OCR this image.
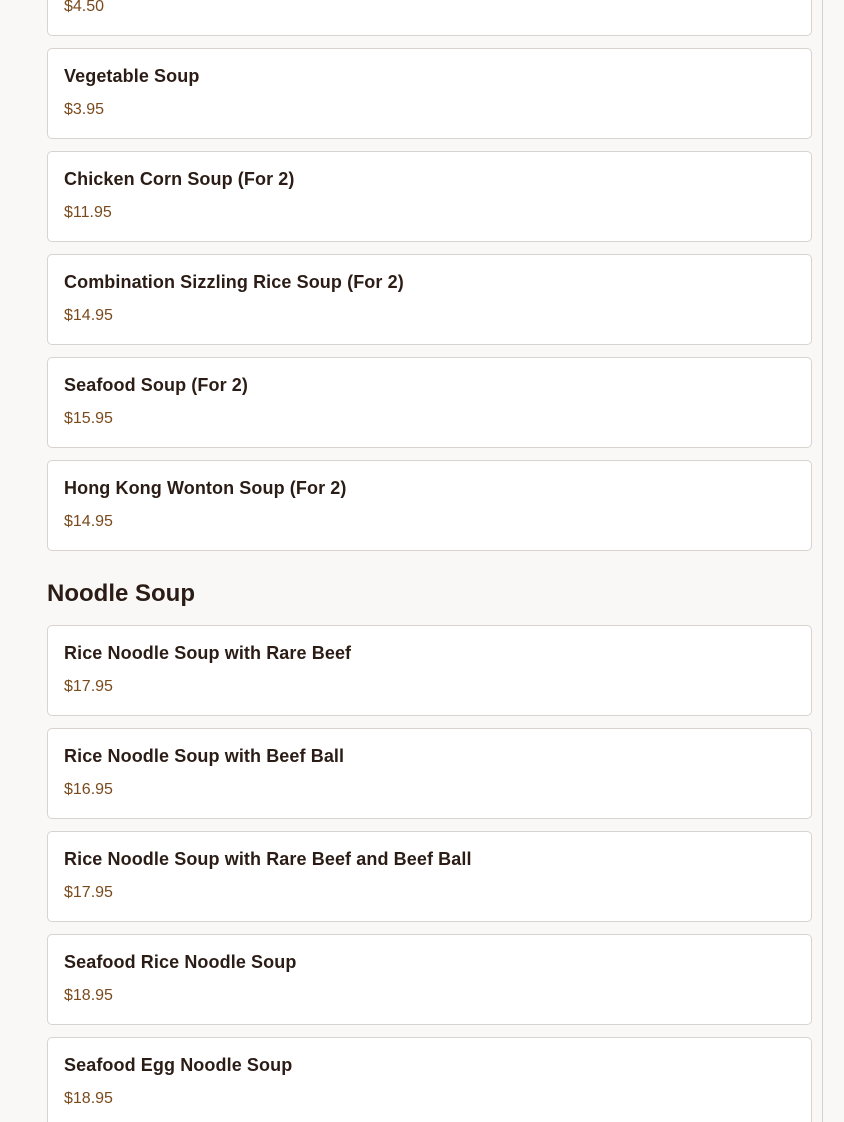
$4.50
Vegetable Soup
$3.95
Chicken Corn Soup (For 2)
$11.95
Combination Sizzling Rice Soup (For 2)
$14.95
Seafood Soup (For 2)
$15.95
Hong Kong Wonton Soup (For 2)
$14.95
Noodle Soup
Rice Noodle Soup with Rare Beef
$17.95
Rice Noodle Soup with Beef Ball
$16.95
Rice Noodle Soup with Rare Beef and Beef Ball
$17.95
Seafood Rice Noodle Soup
$18.95
Seafood Egg Noodle Soup
$18.95
